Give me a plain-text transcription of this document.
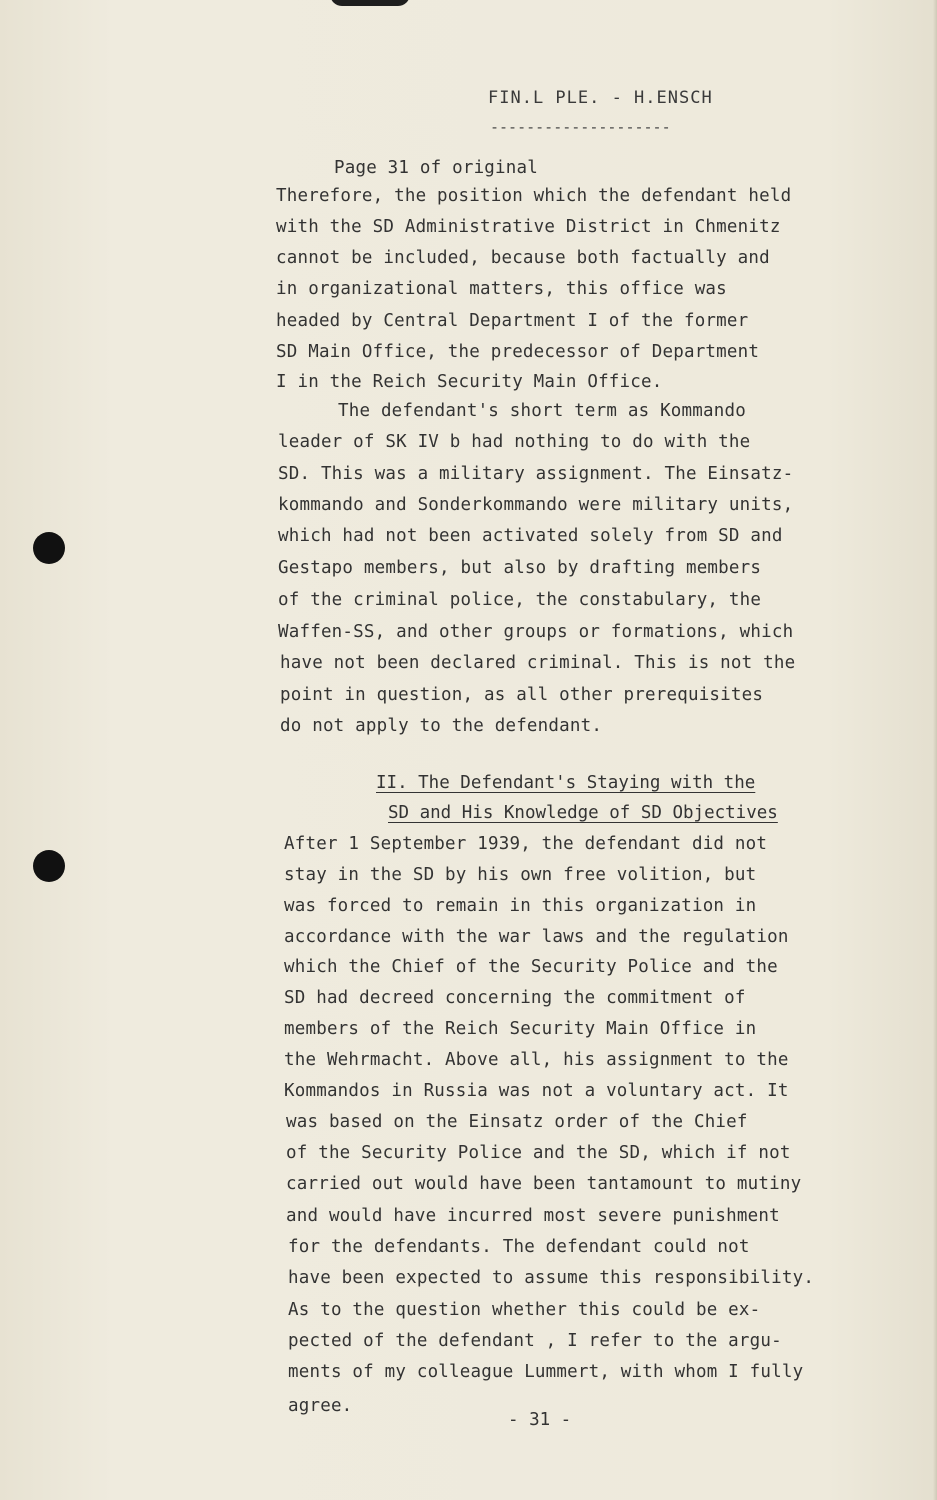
FIN.L PLE. - H.ENSCH
--------------------
Page 31 of original
Therefore, the position which the defendant held
with the SD Administrative District in Chmenitz
cannot be included, because both factually and
in organizational matters, this office was
headed by Central Department I of the former
SD Main Office, the predecessor of Department
I in the Reich Security Main Office.
The defendant's short term as Kommando
leader of SK IV b had nothing to do with the
SD. This was a military assignment. The Einsatz-
kommando and Sonderkommando were military units,
which had not been activated solely from SD and
Gestapo members, but also by drafting members
of the criminal police, the constabulary, the
Waffen-SS, and other groups or formations, which
have not been declared criminal. This is not the
point in question, as all other prerequisites
do not apply to the defendant.
II. The Defendant's Staying with the
SD and His Knowledge of SD Objectives
After 1 September 1939, the defendant did not
stay in the SD by his own free volition, but
was forced to remain in this organization in
accordance with the war laws and the regulation
which the Chief of the Security Police and the
SD had decreed concerning the commitment of
members of the Reich Security Main Office in
the Wehrmacht. Above all, his assignment to the
Kommandos in Russia was not a voluntary act. It
was based on the Einsatz order of the Chief
of the Security Police and the SD, which if not
carried out would have been tantamount to mutiny
and would have incurred most severe punishment
for the defendants. The defendant could not
have been expected to assume this responsibility.
As to the question whether this could be ex-
pected of the defendant , I refer to the argu-
ments of my colleague Lummert, with whom I fully
agree.
- 31 -
